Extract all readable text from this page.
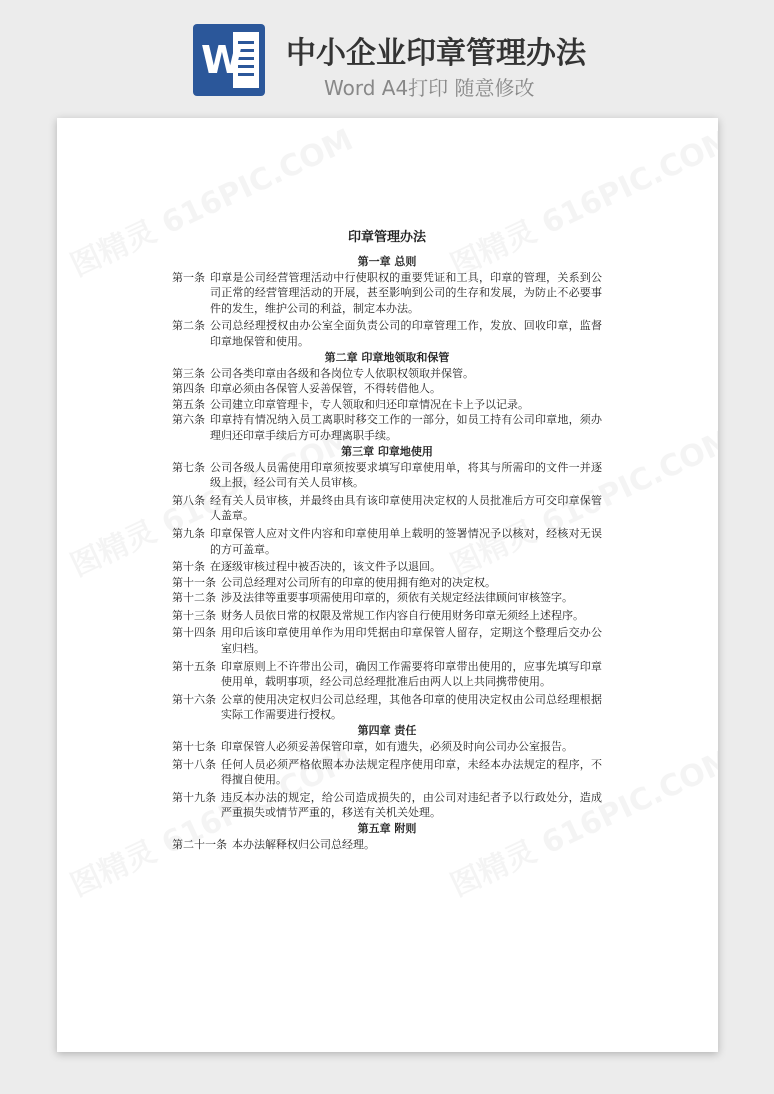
W 中小企业印章管理办法
Word A4打印 随意修改
印章管理办法
第一章 总则
第一条 印章是公司经营管理活动中行使职权的重要凭证和工具，印章的管理，关系到公司正常的经营管理活动的开展，甚至影响到公司的生存和发展，为防止不必要事件的发生，维护公司的利益，制定本办法。
第二条 公司总经理授权由办公室全面负责公司的印章管理工作，发放、回收印章，监督印章地保管和使用。
第二章 印章地领取和保管
第三条 公司各类印章由各级和各岗位专人依职权领取并保管。
第四条 印章必须由各保管人妥善保管，不得转借他人。
第五条 公司建立印章管理卡，专人领取和归还印章情况在卡上予以记录。
第六条 印章持有情况纳入员工离职时移交工作的一部分，如员工持有公司印章地，须办理归还印章手续后方可办理离职手续。
第三章 印章地使用
第七条 公司各级人员需使用印章须按要求填写印章使用单，将其与所需印的文件一并逐级上报，经公司有关人员审核。
第八条 经有关人员审核，并最终由具有该印章使用决定权的人员批准后方可交印章保管人盖章。
第九条 印章保管人应对文件内容和印章使用单上载明的签署情况予以核对，经核对无误的方可盖章。
第十条 在逐级审核过程中被否决的，该文件予以退回。
第十一条 公司总经理对公司所有的印章的使用拥有绝对的决定权。
第十二条 涉及法律等重要事项需使用印章的，须依有关规定经法律顾问审核签字。
第十三条 财务人员依日常的权限及常规工作内容自行使用财务印章无须经上述程序。
第十四条 用印后该印章使用单作为用印凭据由印章保管人留存，定期这个整理后交办公室归档。
第十五条 印章原则上不许带出公司，确因工作需要将印章带出使用的，应事先填写印章使用单，载明事项，经公司总经理批准后由两人以上共同携带使用。
第十六条 公章的使用决定权归公司总经理，其他各印章的使用决定权由公司总经理根据实际工作需要进行授权。
第四章 责任
第十七条 印章保管人必须妥善保管印章，如有遗失，必须及时向公司办公室报告。
第十八条 任何人员必须严格依照本办法规定程序使用印章，未经本办法规定的程序，不得擅自使用。
第十九条 违反本办法的规定，给公司造成损失的，由公司对违纪者予以行政处分，造成严重损失或情节严重的，移送有关机关处理。
第五章 附则
第二十一条 本办法解释权归公司总经理。
